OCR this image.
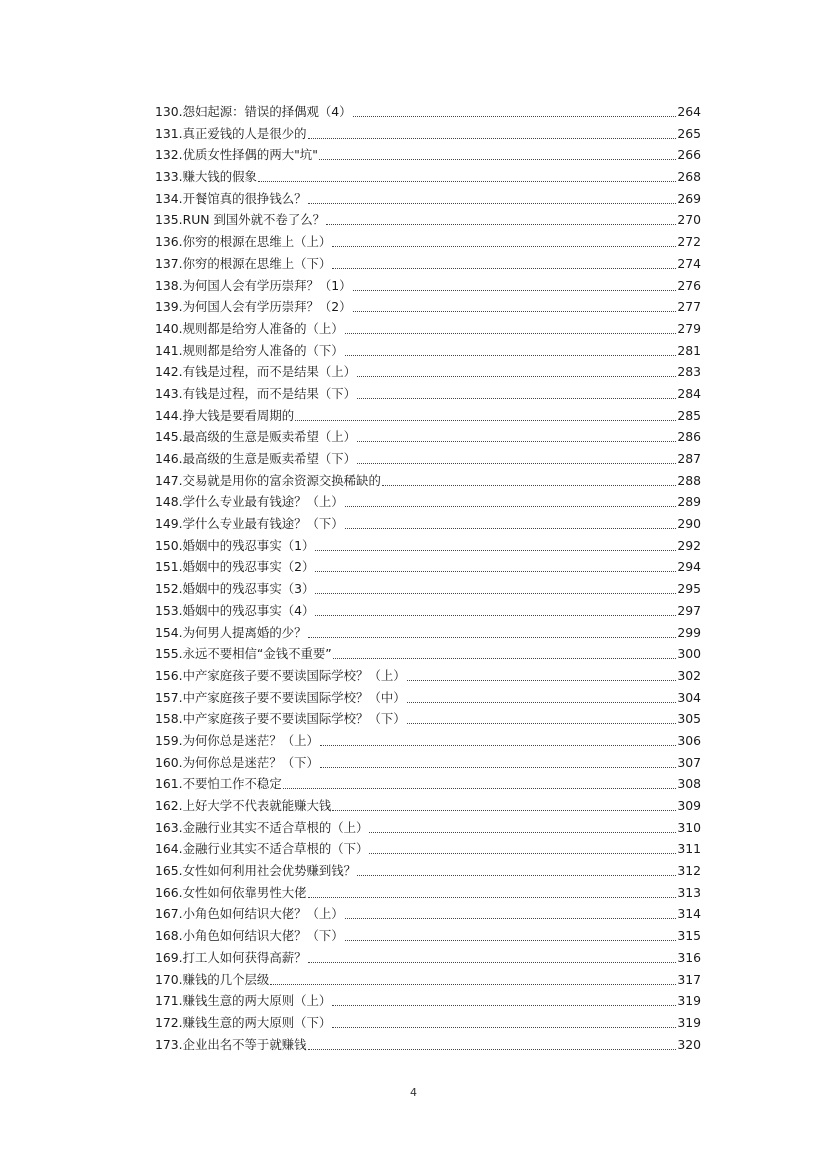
130.怨妇起源：错误的择偶观（4）	264
131.真正爱钱的人是很少的	265
132.优质女性择偶的两大"坑"	266
133.赚大钱的假象	268
134.开餐馆真的很挣钱么？	269
135.RUN 到国外就不卷了么？	270
136.你穷的根源在思维上（上）	272
137.你穷的根源在思维上（下）	274
138.为何国人会有学历崇拜？（1）	276
139.为何国人会有学历崇拜？（2）	277
140.规则都是给穷人准备的（上）	279
141.规则都是给穷人准备的（下）	281
142.有钱是过程，而不是结果（上）	283
143.有钱是过程，而不是结果（下）	284
144.挣大钱是要看周期的	285
145.最高级的生意是贩卖希望（上）	286
146.最高级的生意是贩卖希望（下）	287
147.交易就是用你的富余资源交换稀缺的	288
148.学什么专业最有钱途？（上）	289
149.学什么专业最有钱途？（下）	290
150.婚姻中的残忍事实（1）	292
151.婚姻中的残忍事实（2）	294
152.婚姻中的残忍事实（3）	295
153.婚姻中的残忍事实（4）	297
154.为何男人提离婚的少？	299
155.永远不要相信“金钱不重要”	300
156.中产家庭孩子要不要读国际学校？（上）	302
157.中产家庭孩子要不要读国际学校？（中）	304
158.中产家庭孩子要不要读国际学校？（下）	305
159.为何你总是迷茫？（上）	306
160.为何你总是迷茫？（下）	307
161.不要怕工作不稳定	308
162.上好大学不代表就能赚大钱	309
163.金融行业其实不适合草根的（上）	310
164.金融行业其实不适合草根的（下）	311
165.女性如何利用社会优势赚到钱？	312
166.女性如何依靠男性大佬	313
167.小角色如何结识大佬？（上）	314
168.小角色如何结识大佬？（下）	315
169.打工人如何获得高薪？	316
170.赚钱的几个层级	317
171.赚钱生意的两大原则（上）	319
172.赚钱生意的两大原则（下）	319
173.企业出名不等于就赚钱	320
4
